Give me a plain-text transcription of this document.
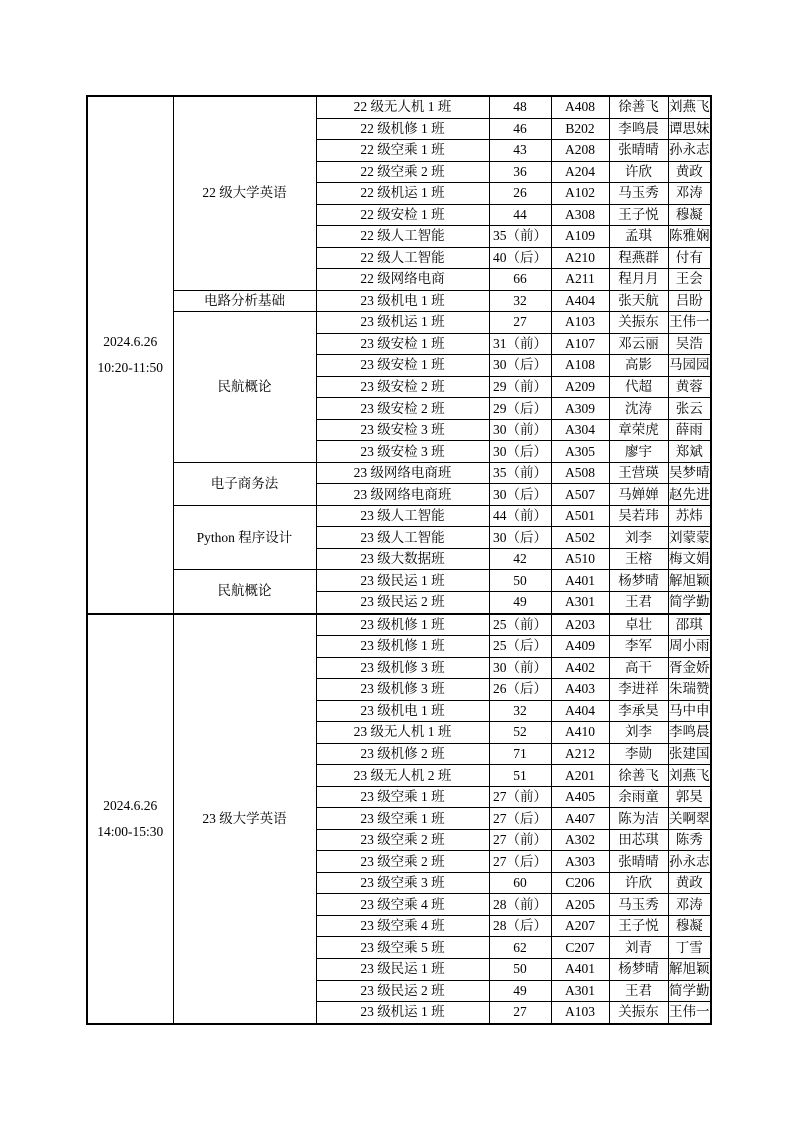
2024.6.26
10:20-11:50	22 级大学英语	22 级无人机 1 班	48	A408	徐善飞	刘燕飞
		22 级机修 1 班	46	B202	李鸣晨	谭思妹
		22 级空乘 1 班	43	A208	张晴晴	孙永志
		22 级空乘 2 班	36	A204	许欣	黄政
		22 级机运 1 班	26	A102	马玉秀	邓涛
		22 级安检 1 班	44	A308	王子悦	穆凝
		22 级人工智能	35（前）	A109	孟琪	陈雅娴
		22 级人工智能	40（后）	A210	程燕群	付有
		22 级网络电商	66	A211	程月月	王会
	电路分析基础	23 级机电 1 班	32	A404	张天航	吕盼
	民航概论	23 级机运 1 班	27	A103	关振东	王伟一
		23 级安检 1 班	31（前）	A107	邓云丽	吴浩
		23 级安检 1 班	30（后）	A108	高影	马园园
		23 级安检 2 班	29（前）	A209	代超	黄蓉
		23 级安检 2 班	29（后）	A309	沈涛	张云
		23 级安检 3 班	30（前）	A304	章荣虎	薛雨
		23 级安检 3 班	30（后）	A305	廖宇	郑斌
	电子商务法	23 级网络电商班	35（前）	A508	王营瑛	吴梦晴
		23 级网络电商班	30（后）	A507	马婵婵	赵先进
	Python 程序设计	23 级人工智能	44（前）	A501	吴若玮	苏炜
		23 级人工智能	30（后）	A502	刘李	刘蒙蒙
		23 级大数据班	42	A510	王榕	梅文娟
	民航概论	23 级民运 1 班	50	A401	杨梦晴	解旭颖
		23 级民运 2 班	49	A301	王君	简学勤

2024.6.26
14:00-15:30	23 级大学英语	23 级机修 1 班	25（前）	A203	卓壮	邵琪
		23 级机修 1 班	25（后）	A409	李军	周小雨
		23 级机修 3 班	30（前）	A402	高干	胥金娇
		23 级机修 3 班	26（后）	A403	李进祥	朱瑞赞
		23 级机电 1 班	32	A404	李承昊	马中申
		23 级无人机 1 班	52	A410	刘李	李鸣晨
		23 级机修 2 班	71	A212	李勋	张建国
		23 级无人机 2 班	51	A201	徐善飞	刘燕飞
		23 级空乘 1 班	27（前）	A405	余雨童	郭昊
		23 级空乘 1 班	27（后）	A407	陈为洁	关啊翠
		23 级空乘 2 班	27（前）	A302	田芯琪	陈秀
		23 级空乘 2 班	27（后）	A303	张晴晴	孙永志
		23 级空乘 3 班	60	C206	许欣	黄政
		23 级空乘 4 班	28（前）	A205	马玉秀	邓涛
		23 级空乘 4 班	28（后）	A207	王子悦	穆凝
		23 级空乘 5 班	62	C207	刘青	丁雪
		23 级民运 1 班	50	A401	杨梦晴	解旭颖
		23 级民运 2 班	49	A301	王君	简学勤
		23 级机运 1 班	27	A103	关振东	王伟一
